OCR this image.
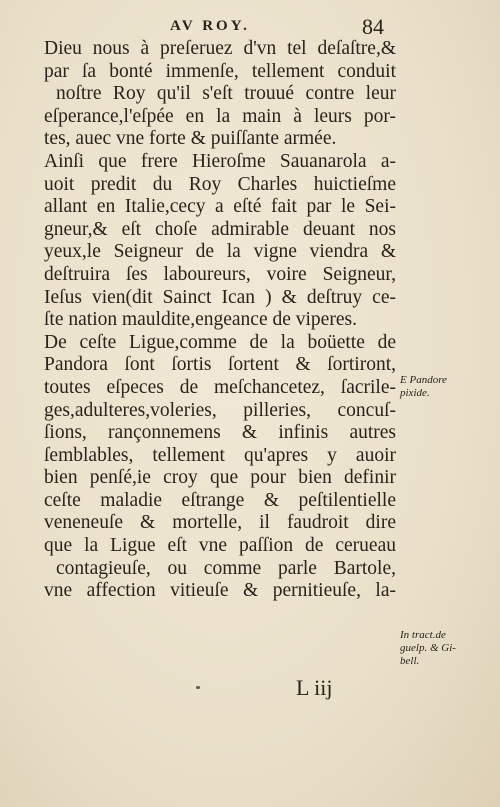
AV ROY.	84
Dieu nous à preſeruez d'vn tel deſaſtre,&
par ſa bonté immenſe, tellement conduit
noſtre Roy qu'il s'eſt trouué contre leur
eſperance,l'eſpée en la main à leurs por-
tes, auec vne forte & puiſſante armée.
Ainſi que frere Hieroſme Sauanarola a-
uoit predit du Roy Charles huictieſme
allant en Italie,cecy a eſté fait par le Sei-
gneur,& eſt choſe admirable deuant nos
yeux,le Seigneur de la vigne viendra &
deſtruira ſes laboureurs, voire Seigneur,
Ieſus vien(dit Sainct Ican ) & deſtruy ce-
ſte nation mauldite,engeance de viperes.
De ceſte Ligue,comme de la boüette de
Pandora ſont ſortis ſortent & ſortiront,
toutes eſpeces de meſchancetez, ſacrile-
ges,adulteres,voleries, pilleries, concuſ-
ſions, rançonnemens & infinis autres
ſemblables, tellement qu'apres y auoir
bien penſé,ie croy que pour bien definir
ceſte maladie eſtrange & peſtilentielle
veneneuſe & mortelle, il faudroit dire
que la Ligue eſt vne paſſion de cerueau
contagieuſe, ou comme parle Bartole,
vne affection vitieuſe & pernitieuſe, la-
E Pandore
pixide.
In tract.de
guelp. & Gi-
bell.
L iij
